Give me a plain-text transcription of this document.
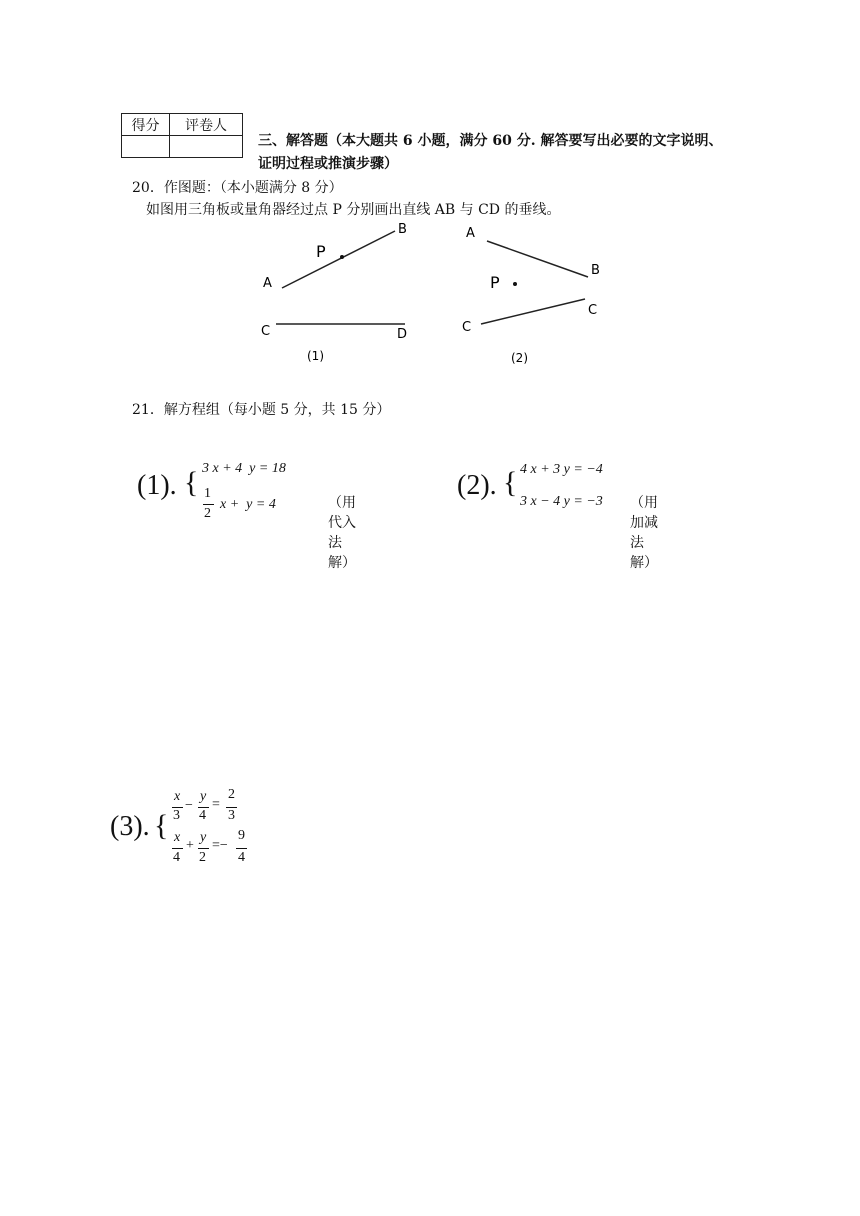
得分	评卷人

三、解答题（本大题共 6 小题，满分 60 分. 解答要写出必要的文字说明、
证明过程或推演步骤）
20．作图题：（本小题满分 8 分）
如图用三角板或量角器经过点 P 分别画出直线 AB 与 CD 的垂线。
A
B
P
C	D
(1)
A
B
P
C
C
(2)
21．解方程组（每小题 5 分，共 15 分）
(1). { 3 x + 4  y = 18
1
2
x +  y = 4	（用代入法解）
(2). { 4 x + 3 y = −4
3 x − 4 y = −3 （用加减法解）
(3). {
x
3
−
y
4
=
2
3
x
4
+
y
2
=−
9
4
